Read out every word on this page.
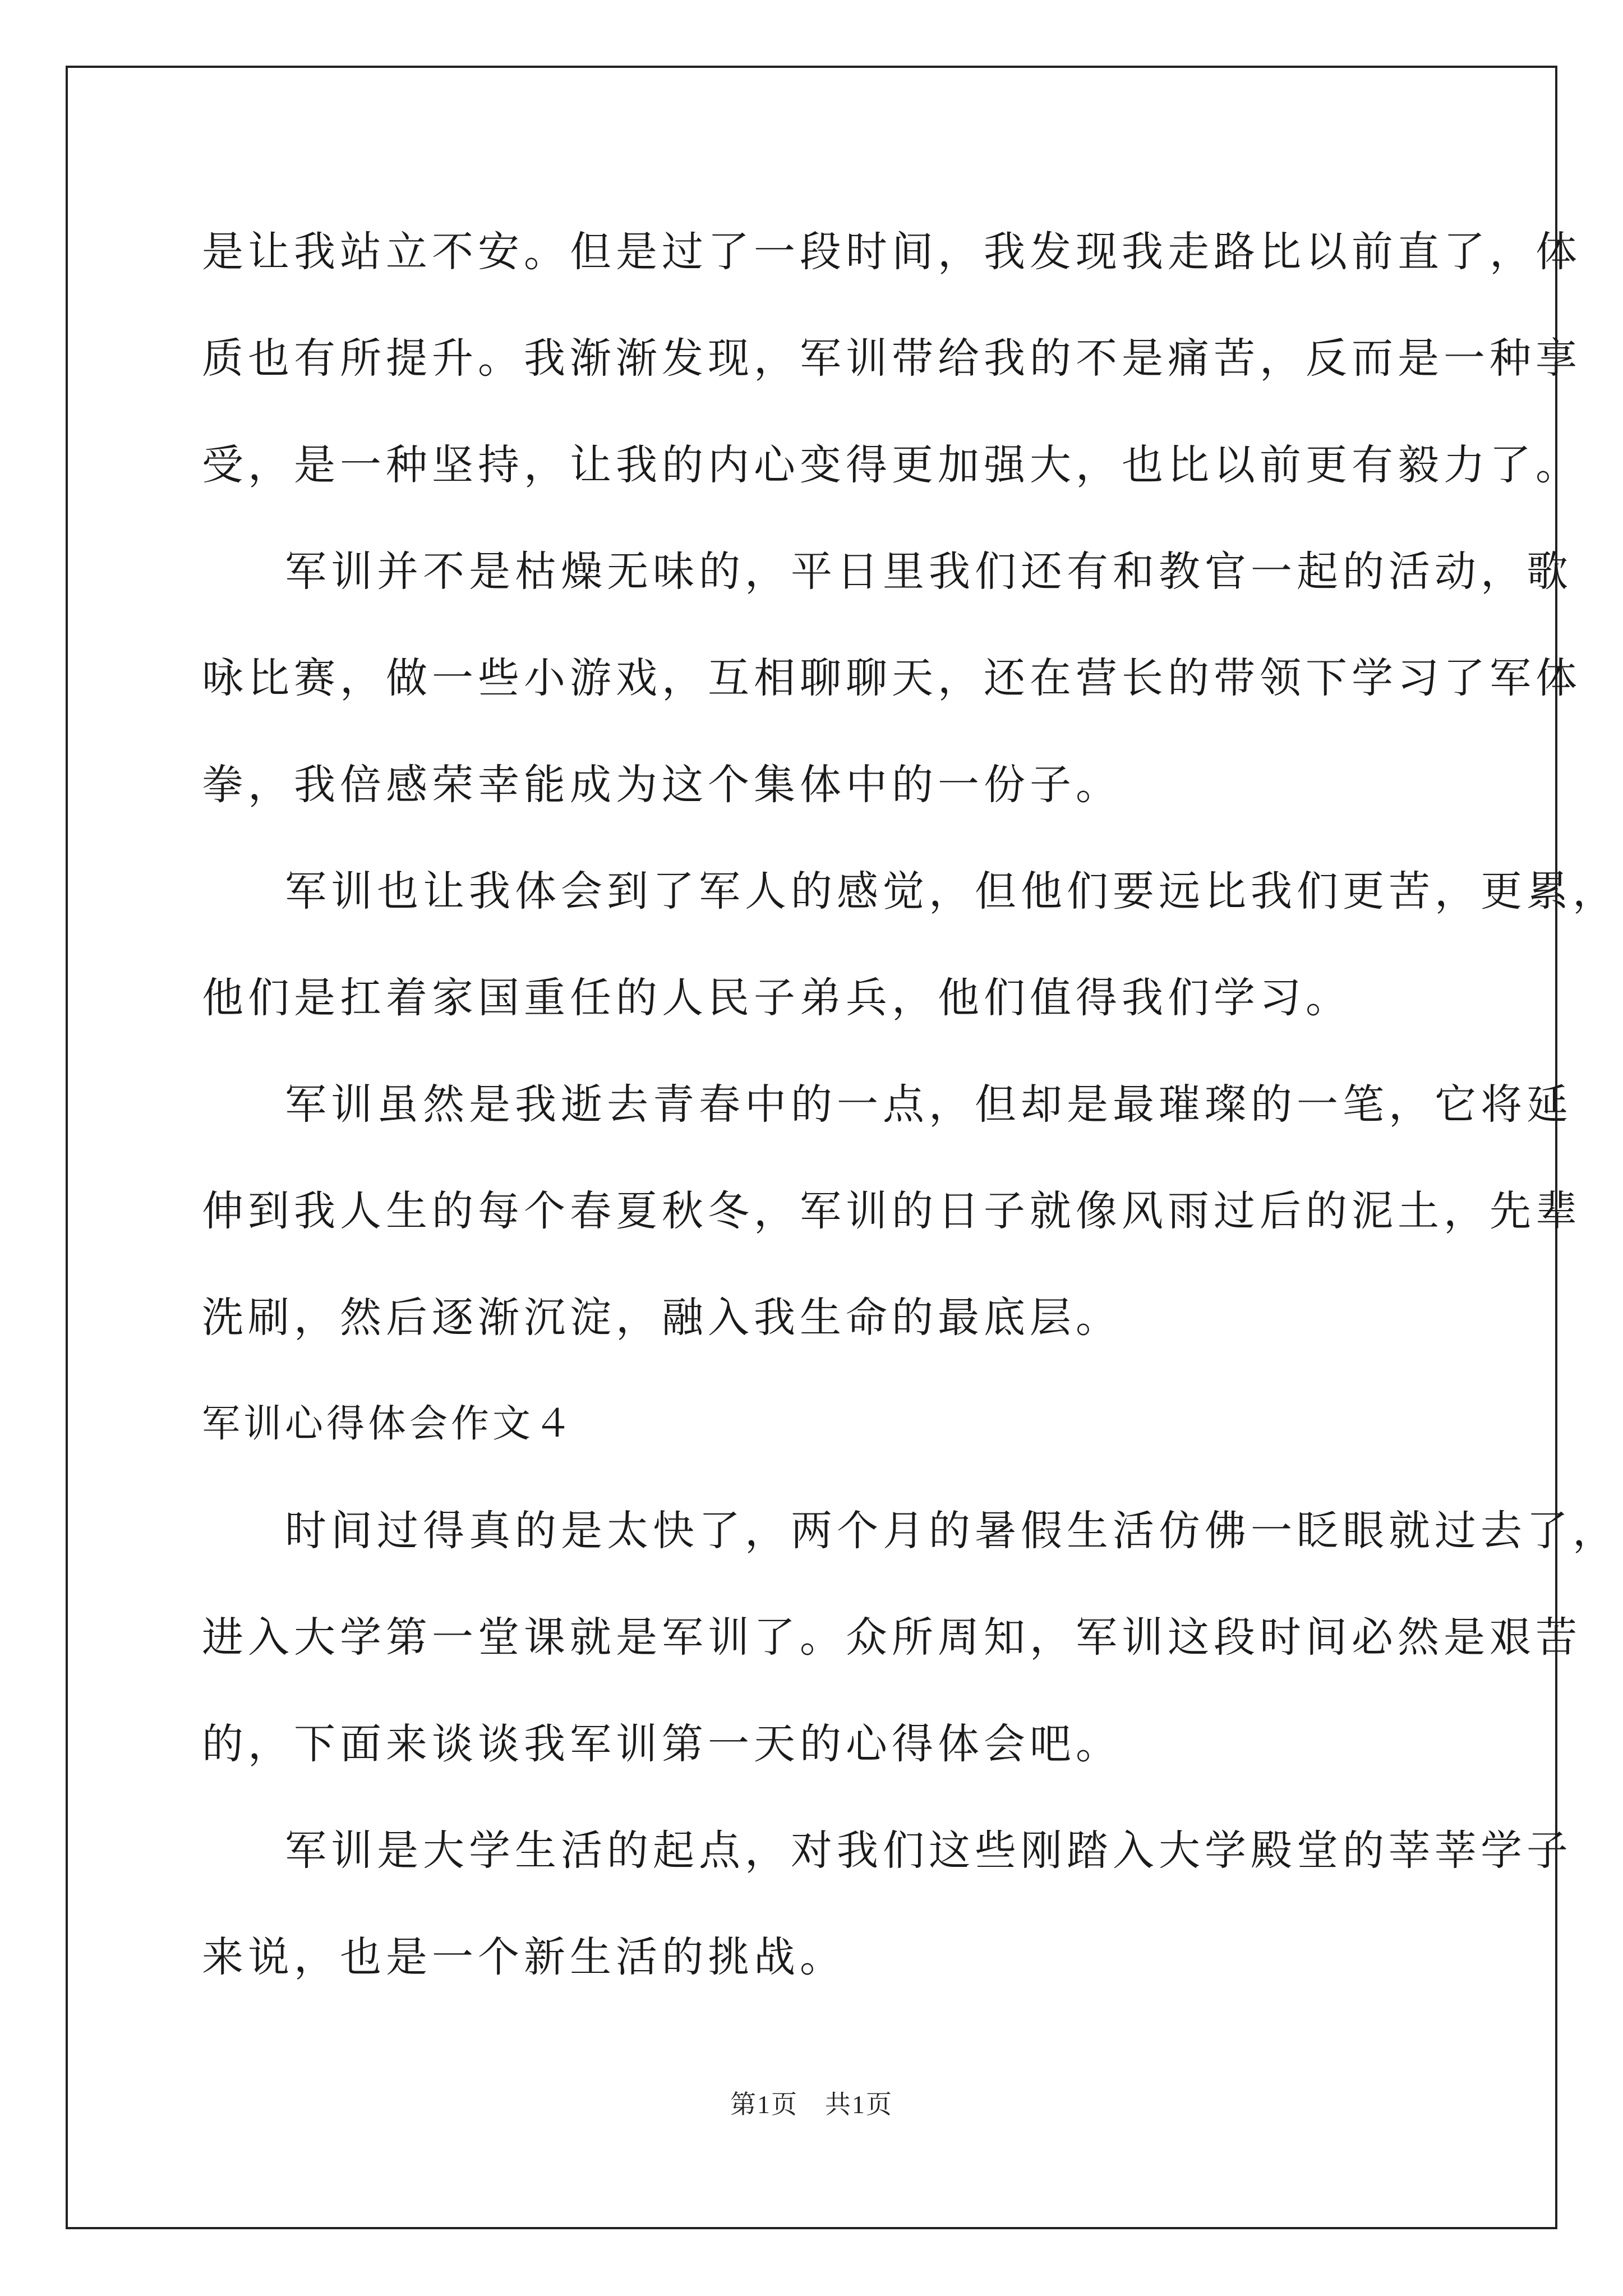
是让我站立不安。但是过了一段时间，我发现我走路比以前直了，体
质也有所提升。我渐渐发现，军训带给我的不是痛苦，反而是一种享
受，是一种坚持，让我的内心变得更加强大，也比以前更有毅力了。
军训并不是枯燥无味的，平日里我们还有和教官一起的活动，歌
咏比赛，做一些小游戏，互相聊聊天，还在营长的带领下学习了军体
拳，我倍感荣幸能成为这个集体中的一份子。
军训也让我体会到了军人的感觉，但他们要远比我们更苦，更累，
他们是扛着家国重任的人民子弟兵，他们值得我们学习。
军训虽然是我逝去青春中的一点，但却是最璀璨的一笔，它将延
伸到我人生的每个春夏秋冬，军训的日子就像风雨过后的泥土，先辈
洗刷，然后逐渐沉淀，融入我生命的最底层。
军训心得体会作文４
时间过得真的是太快了，两个月的暑假生活仿佛一眨眼就过去了，
进入大学第一堂课就是军训了。众所周知，军训这段时间必然是艰苦
的，下面来谈谈我军训第一天的心得体会吧。
军训是大学生活的起点，对我们这些刚踏入大学殿堂的莘莘学子
来说，也是一个新生活的挑战。
第1页　共1页
